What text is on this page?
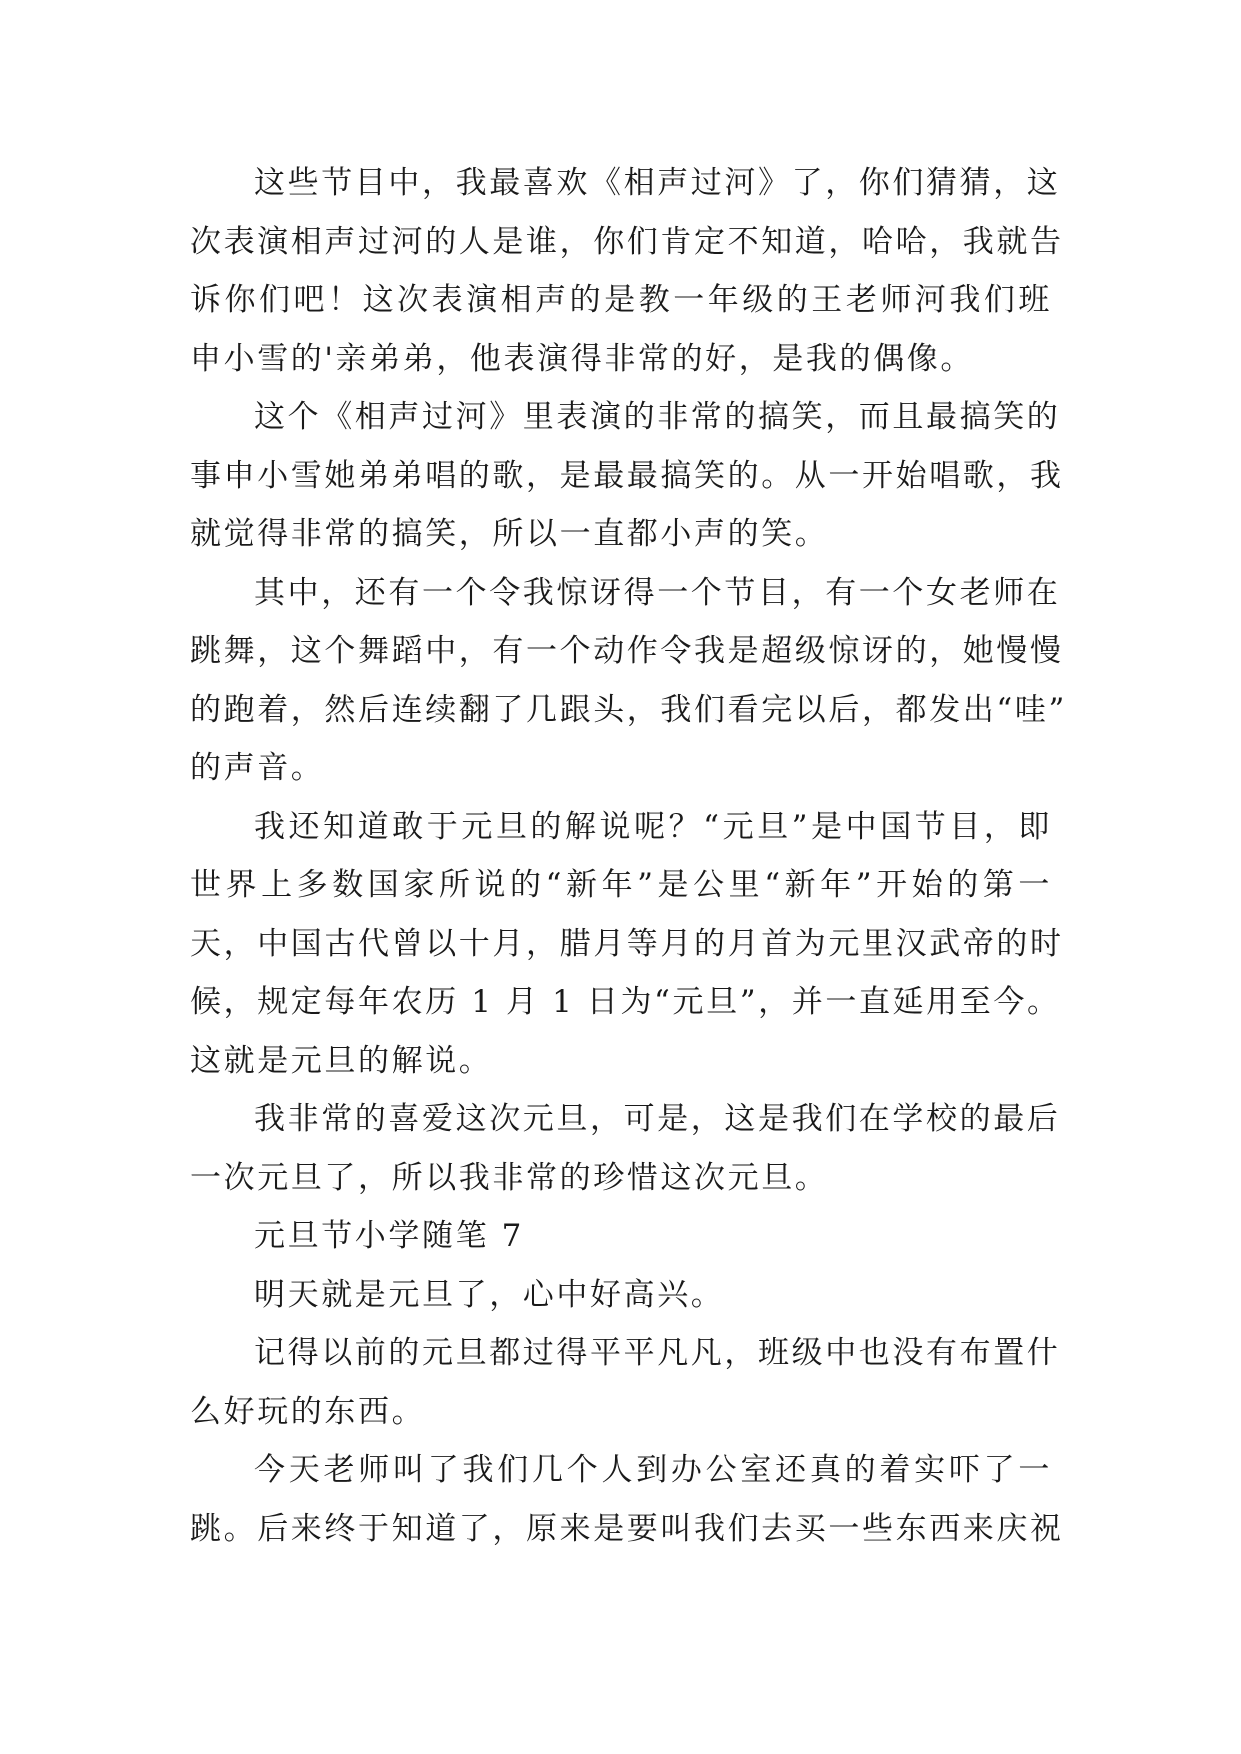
这些节目中，我最喜欢《相声过河》了，你们猜猜，这
次表演相声过河的人是谁，你们肯定不知道，哈哈，我就告
诉你们吧！这次表演相声的是教一年级的王老师河我们班
申小雪的'亲弟弟，他表演得非常的好，是我的偶像。
这个《相声过河》里表演的非常的搞笑，而且最搞笑的
事申小雪她弟弟唱的歌，是最最搞笑的。从一开始唱歌，我
就觉得非常的搞笑，所以一直都小声的笑。
其中，还有一个令我惊讶得一个节目，有一个女老师在
跳舞，这个舞蹈中，有一个动作令我是超级惊讶的，她慢慢
的跑着，然后连续翻了几跟头，我们看完以后，都发出“哇”
的声音。
我还知道敢于元旦的解说呢？“元旦”是中国节目，即
世界上多数国家所说的“新年”是公里“新年”开始的第一
天，中国古代曾以十月，腊月等月的月首为元里汉武帝的时
候，规定每年农历 1 月 1 日为“元旦”，并一直延用至今。
这就是元旦的解说。
我非常的喜爱这次元旦，可是，这是我们在学校的最后
一次元旦了，所以我非常的珍惜这次元旦。
元旦节小学随笔 7
明天就是元旦了，心中好高兴。
记得以前的元旦都过得平平凡凡，班级中也没有布置什
么好玩的东西。
今天老师叫了我们几个人到办公室还真的着实吓了一
跳。后来终于知道了，原来是要叫我们去买一些东西来庆祝
